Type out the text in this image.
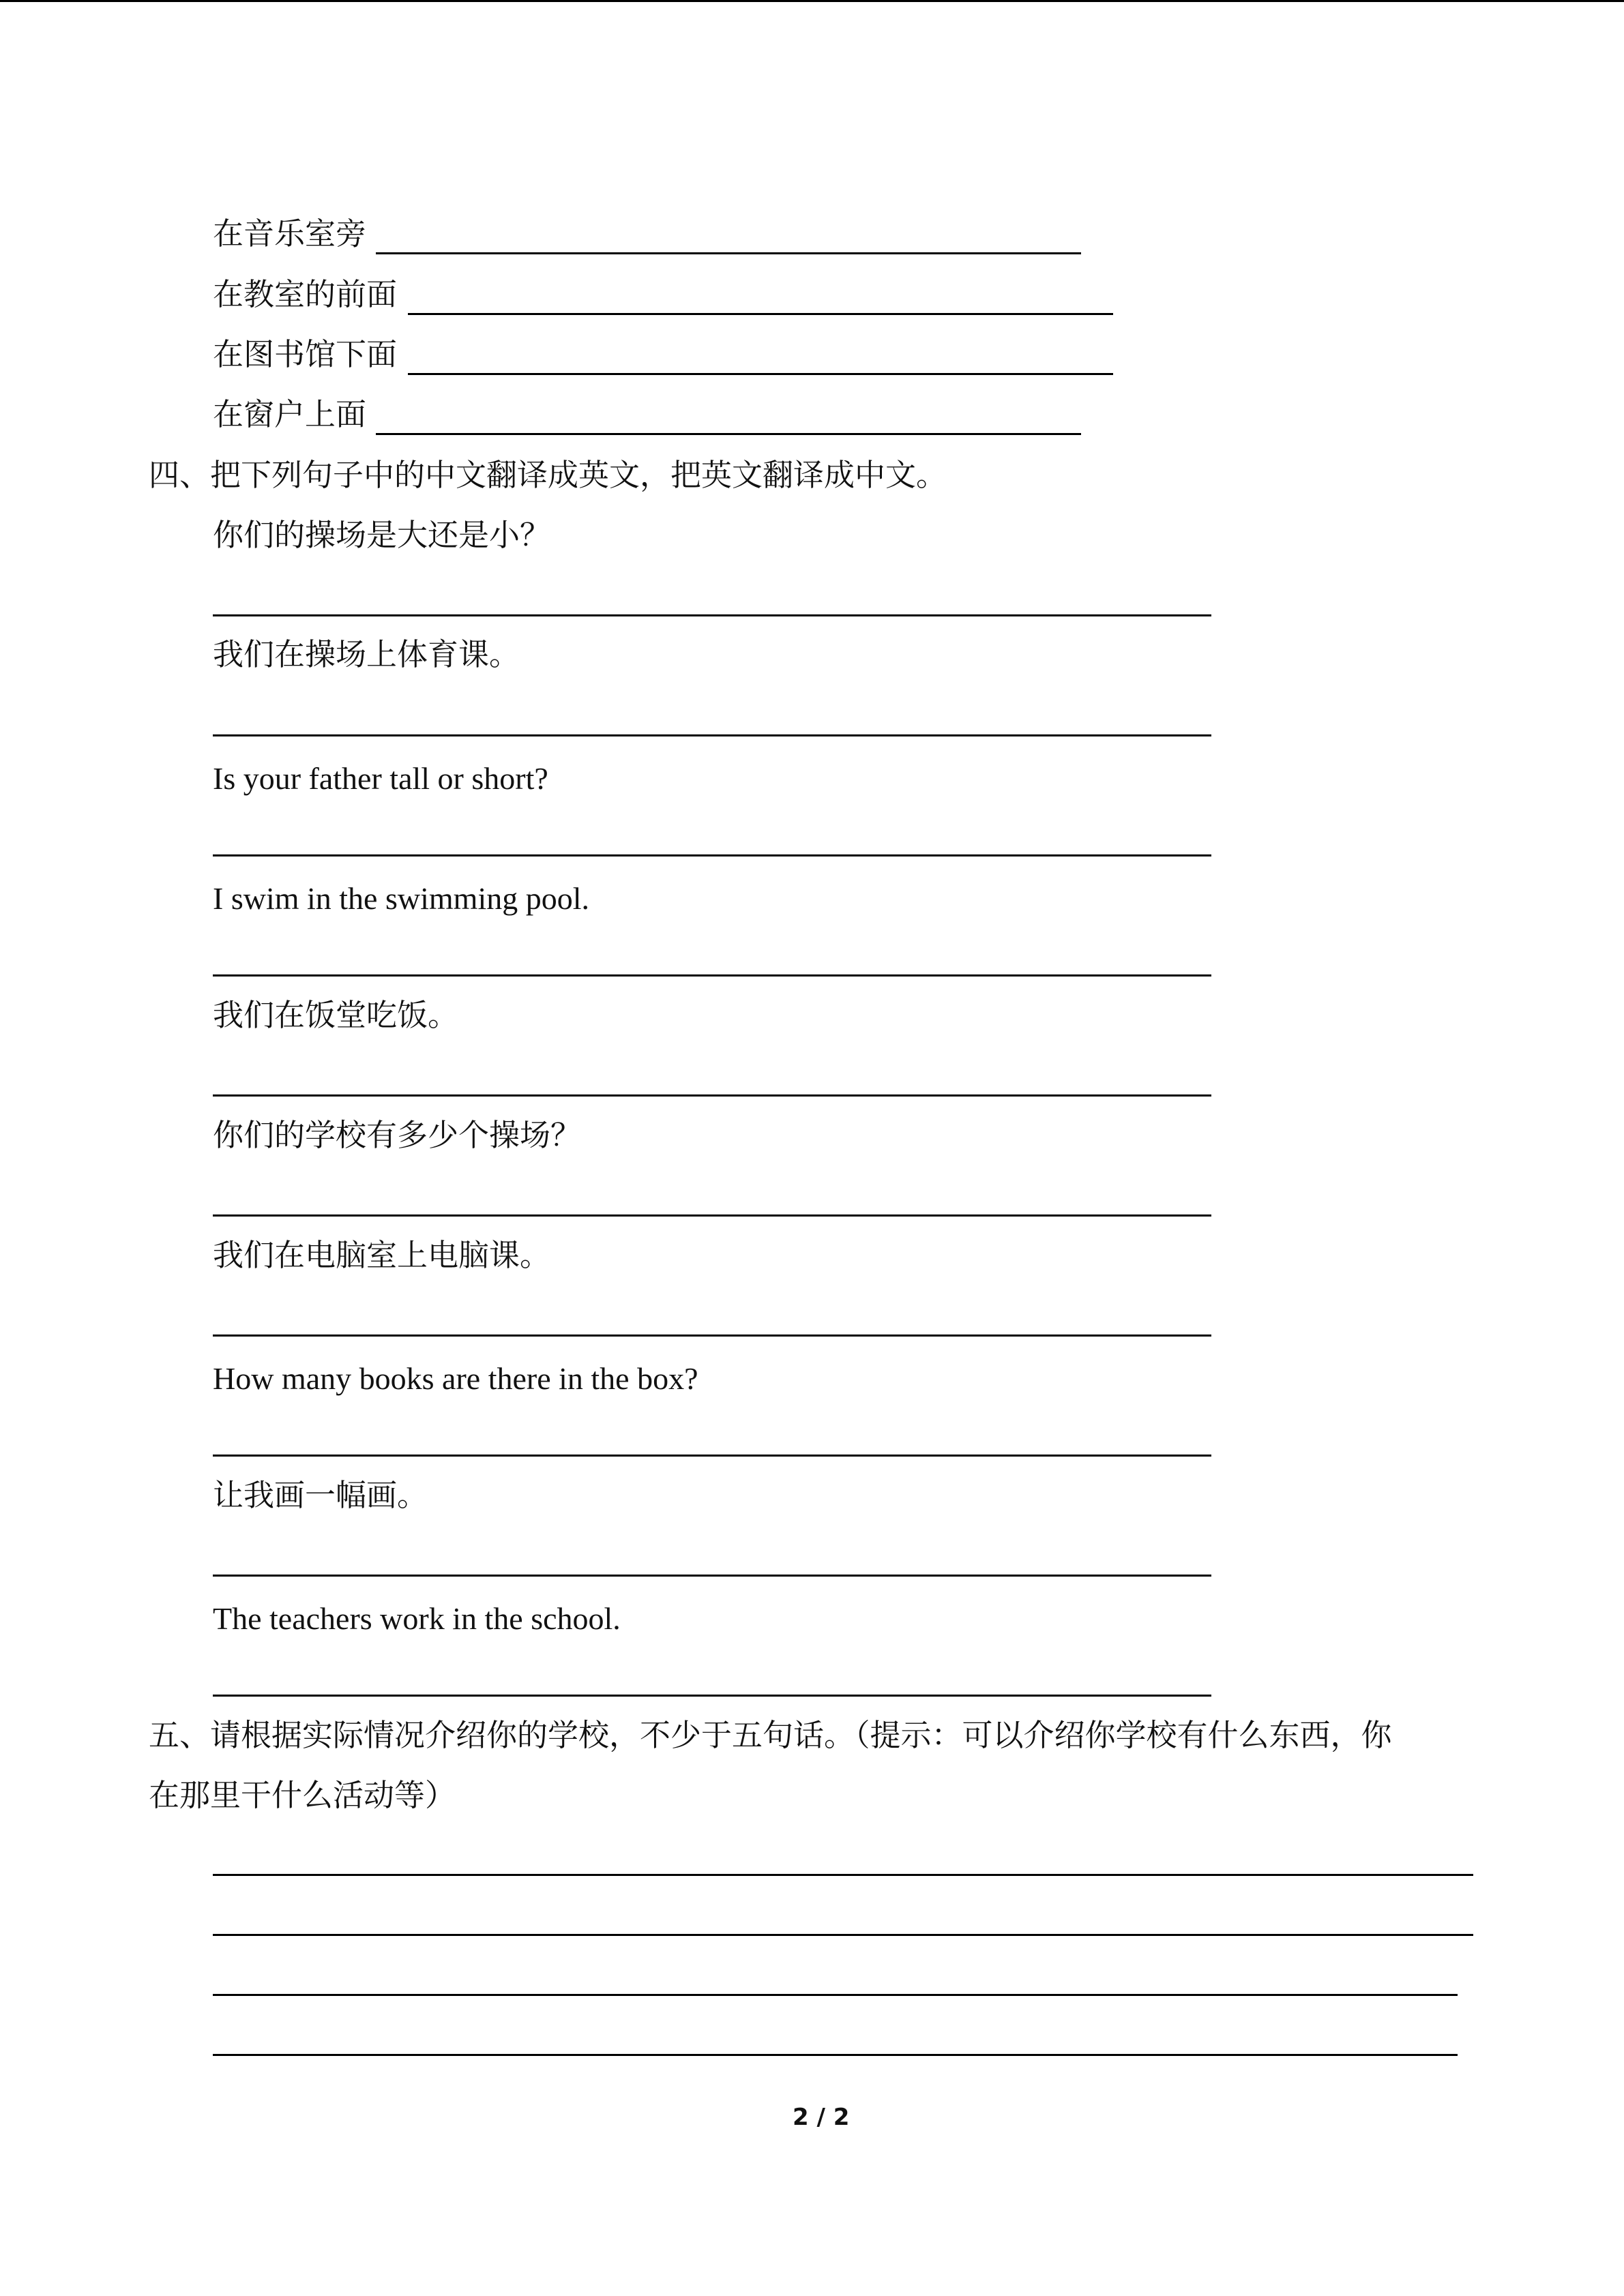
在音乐室旁
在教室的前面
在图书馆下面
在窗户上面
四、把下列句子中的中文翻译成英文，把英文翻译成中文。
你们的操场是大还是小？
我们在操场上体育课。
Is your father tall or short?
I swim in the swimming pool.
我们在饭堂吃饭。
你们的学校有多少个操场？
我们在电脑室上电脑课。
How many books are there in the box?
让我画一幅画。
The teachers work in the school.
五、请根据实际情况介绍你的学校，不少于五句话。（提示：可以介绍你学校有什么东西，你
在那里干什么活动等）
2 / 2
